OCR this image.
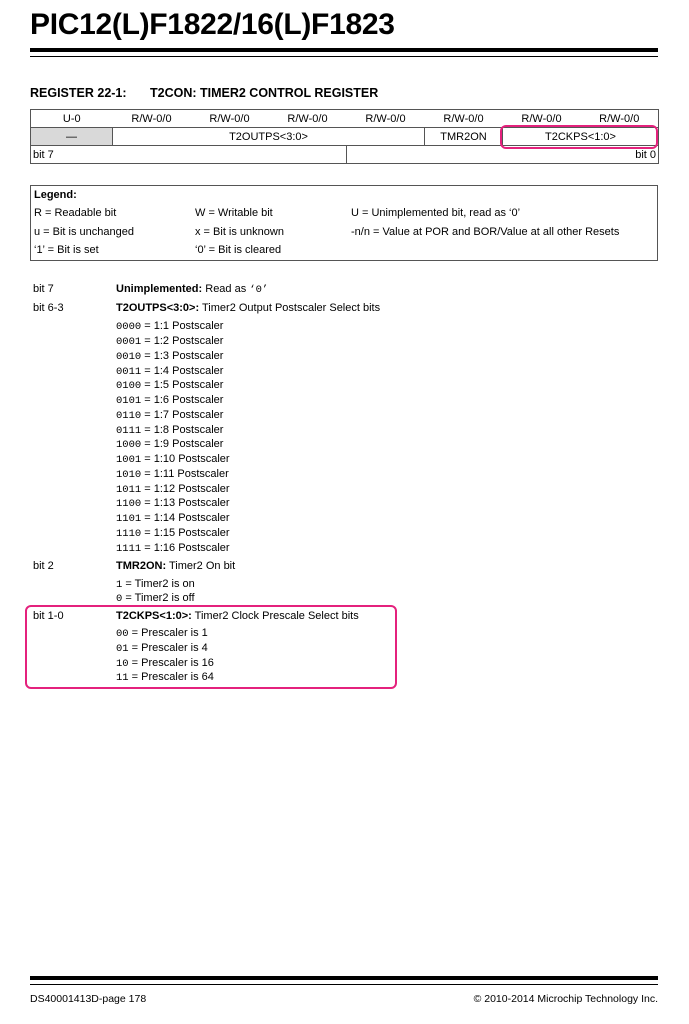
PIC12(L)F1822/16(L)F1823
REGISTER 22-1: T2CON: TIMER2 CONTROL REGISTER
U-0	R/W-0/0	R/W-0/0	R/W-0/0	R/W-0/0	R/W-0/0	R/W-0/0	R/W-0/0
—	T2OUTPS<3:0>				TMR2ON	T2CKPS<1:0>	
bit 7				bit 0			
Legend:
R = Readable bit	W = Writable bit	U = Unimplemented bit, read as ‘0’
u = Bit is unchanged	x = Bit is unknown	-n/n = Value at POR and BOR/Value at all other Resets
‘1’ = Bit is set	‘0’ = Bit is cleared
bit 7	Unimplemented: Read as ‘0’
bit 6-3	T2OUTPS<3:0>: Timer2 Output Postscaler Select bits
0000 = 1:1 Postscaler
0001 = 1:2 Postscaler
0010 = 1:3 Postscaler
0011 = 1:4 Postscaler
0100 = 1:5 Postscaler
0101 = 1:6 Postscaler
0110 = 1:7 Postscaler
0111 = 1:8 Postscaler
1000 = 1:9 Postscaler
1001 = 1:10 Postscaler
1010 = 1:11 Postscaler
1011 = 1:12 Postscaler
1100 = 1:13 Postscaler
1101 = 1:14 Postscaler
1110 = 1:15 Postscaler
1111 = 1:16 Postscaler
bit 2	TMR2ON: Timer2 On bit
1 = Timer2 is on
0 = Timer2 is off
bit 1-0	T2CKPS<1:0>: Timer2 Clock Prescale Select bits
00 = Prescaler is 1
01 = Prescaler is 4
10 = Prescaler is 16
11 = Prescaler is 64
DS40001413D-page 178	© 2010-2014 Microchip Technology Inc.
